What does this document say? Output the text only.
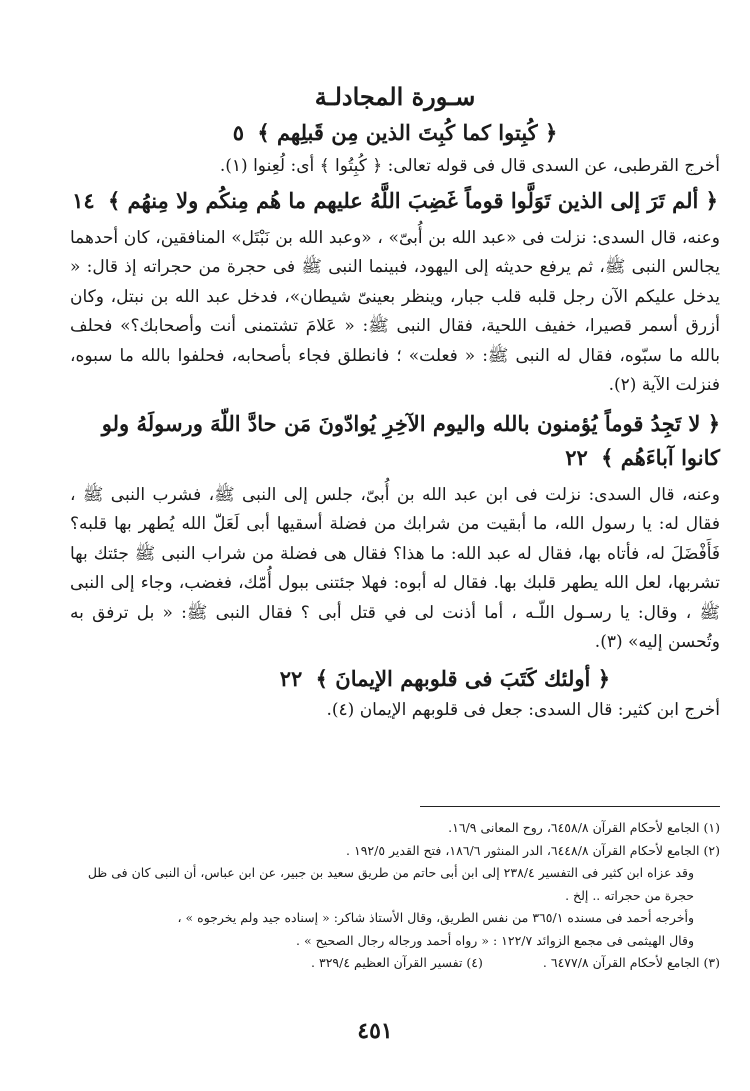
سـورة المجادلـة
﴿ كُبِتوا كما كُبِتَ الذين مِن قَبلِهم ﴾ ٥

أخرج القرطبى، عن السدى قال فى قوله تعالى: ﴿ كُبِتُوا ﴾ أى: لُعِنوا (١).

﴿ ألم تَرَ إلى الذين تَوَلَّوا قوماً غَضِبَ اللَّهُ عليهم ما هُم مِنكُم ولا مِنهُم ﴾ ١٤

وعنه، قال السدى: نزلت فى «عبد الله بن أُبىّ» ، «وعبد الله بن نَبْتَل» المنافقين، كان أحدهما يجالس النبى ﷺ، ثم يرفع حديثه إلى اليهود، فبينما النبى ﷺ فى حجرة من حجراته إذ قال: « يدخل عليكم الآن رجل قلبه قلب جبار، وينظر بعينىّ شيطان»، فدخل عبد الله بن نبتل، وكان أزرق أسمر قصيرا، خفيف اللحية، فقال النبى ﷺ: « عَلامَ تشتمنى أنت وأصحابك؟» فحلف بالله ما سبّوه، فقال له النبى ﷺ: « فعلت» ؛ فانطلق فجاء بأصحابه، فحلفوا بالله ما سبوه، فنزلت الآية (٢).

﴿ لا تَجِدُ قوماً يُؤمنون بالله واليوم الآخِرِ يُوادّونَ مَن حادَّ اللّهَ ورسولَهُ ولو كانوا آباءَهُم ﴾ ٢٢

وعنه، قال السدى: نزلت فى ابن عبد الله بن أُبىّ، جلس إلى النبى ﷺ، فشرب النبى ﷺ ، فقال له: يا رسول الله، ما أبقيت من شرابك من فضلة أسقيها أبى لَعَلّ الله يُطهر بها قلبه؟ فَأَفْضَلَ له، فأتاه بها، فقال له عبد الله: ما هذا؟ فقال هى فضلة من شراب النبى ﷺ جئتك بها تشربها، لعل الله يطهر قلبك بها. فقال له أبوه: فهلا جئتنى ببول أُمّك، فغضب، وجاء إلى النبى ﷺ ، وقال: يا رسـول اللّـه ، أما أذنت لى في قتل أبى ؟ فقال النبى ﷺ: « بل ترفق به وتُحسن إليه» (٣).

﴿ أولئك كَتَبَ فى قلوبهم الإيمانَ ﴾ ٢٢

أخرج ابن كثير: قال السدى: جعل فى قلوبهم الإيمان (٤).

(١) الجامع لأحكام القرآن ٦٤٥٨/٨، روح المعانى ١٦/٩.

(٢) الجامع لأحكام القرآن ٦٤٤٨/٨، الدر المنثور ١٨٦/٦، فتح القدير ١٩٢/٥ .

وقد عزاه ابن كثير فى التفسير ٢٣٨/٤ إلى ابن أبى حاتم من طريق سعيد بن جبير، عن ابن عباس، أن النبى كان فى ظل حجرة من حجراته .. إلخ .

وأخرجه أحمد فى مسنده ٣٦٥/١ من نفس الطريق، وقال الأستاذ شاكر: « إسناده جيد ولم يخرجوه » ،

وقال الهيثمى فى مجمع الزوائد ١٢٢/٧ : « رواه أحمد ورجاله رجال الصحيح » .

(٣) الجامع لأحكام القرآن ٦٤٧٧/٨ .

(٤) تفسير القرآن العظيم ٣٢٩/٤ .

٤٥١
